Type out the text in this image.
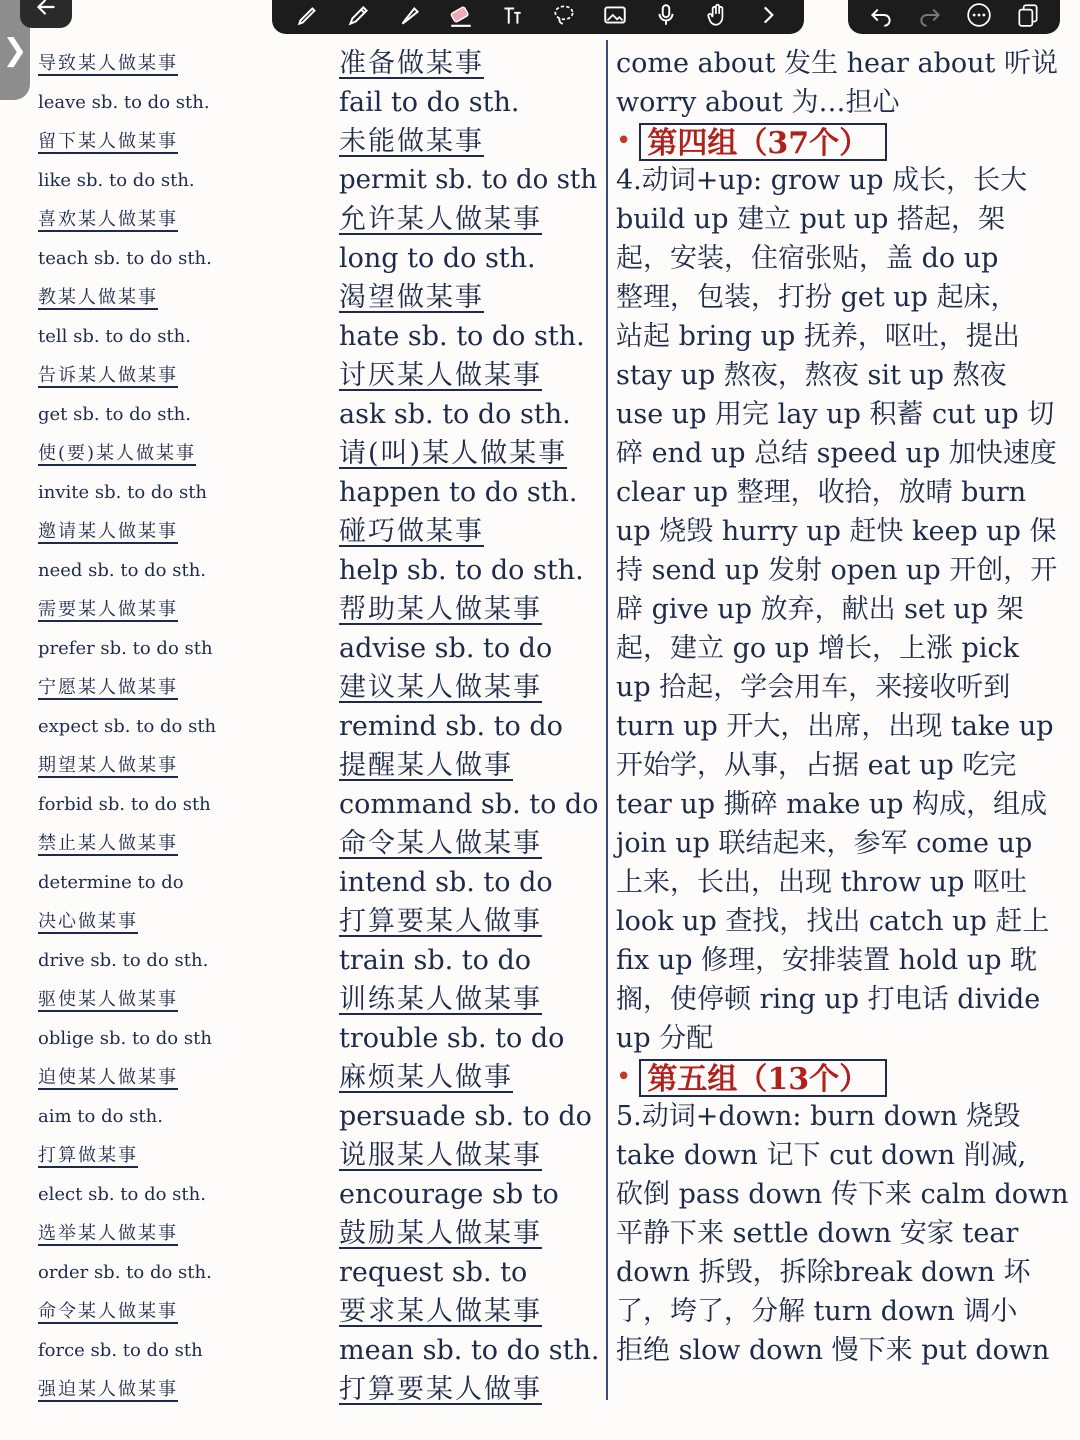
❯ 导致某人做某事
leave sb. to do sth.
留下某人做某事
like sb. to do sth.
喜欢某人做某事
teach sb. to do sth.
教某人做某事
tell sb. to do sth.
告诉某人做某事
get sb. to do sth.
使(要)某人做某事
invite sb. to do sth
邀请某人做某事
need sb. to do sth.
需要某人做某事
prefer sb. to do sth
宁愿某人做某事
expect sb. to do sth
期望某人做某事
forbid sb. to do sth
禁止某人做某事
determine to do
决心做某事
drive sb. to do sth.
驱使某人做某事
oblige sb. to do sth
迫使某人做某事
aim to do sth.
打算做某事
elect sb. to do sth.
选举某人做某事
order sb. to do sth.
命令某人做某事
force sb. to do sth
强迫某人做某事
准备做某事
fail to do sth.
未能做某事
permit sb. to do sth
允许某人做某事
long to do sth.
渴望做某事
hate sb. to do sth.
讨厌某人做某事
ask sb. to do sth.
请(叫)某人做某事
happen to do sth.
碰巧做某事
help sb. to do sth.
帮助某人做某事
advise sb. to do
建议某人做某事
remind sb. to do
提醒某人做事
command sb. to do
命令某人做某事
intend sb. to do
打算要某人做事
train sb. to do
训练某人做某事
trouble sb. to do
麻烦某人做事
persuade sb. to do
说服某人做某事
encourage sb to
鼓励某人做某事
request sb. to
要求某人做某事
mean sb. to do sth.
打算要某人做事
come about 发生 hear about 听说
worry about 为…担心
• 第四组（37个）
4.动词+up: grow up 成长，长大
build up 建立 put up 搭起，架
起，安装，住宿张贴，盖 do up
整理，包装，打扮 get up 起床，
站起 bring up 抚养，呕吐，提出
stay up 熬夜，熬夜 sit up 熬夜
use up 用完 lay up 积蓄 cut up 切
碎 end up 总结 speed up 加快速度
clear up 整理，收拾，放晴 burn
up 烧毁 hurry up 赶快 keep up 保
持 send up 发射 open up 开创，开
辟 give up 放弃，献出 set up 架
起，建立 go up 增长，上涨 pick
up 拾起，学会用车，来接收听到
turn up 开大，出席，出现 take up
开始学，从事，占据 eat up 吃完
tear up 撕碎 make up 构成，组成
join up 联结起来，参军 come up
上来，长出，出现 throw up 呕吐
look up 查找，找出 catch up 赶上
fix up 修理，安排装置 hold up 耽
搁，使停顿 ring up 打电话 divide
up 分配
• 第五组（13个）
5.动词+down: burn down 烧毁
take down 记下 cut down 削减,
砍倒 pass down 传下来 calm down
平静下来 settle down 安家 tear
down 拆毁，拆除break down 坏
了，垮了，分解 turn down 调小
拒绝 slow down 慢下来 put down
